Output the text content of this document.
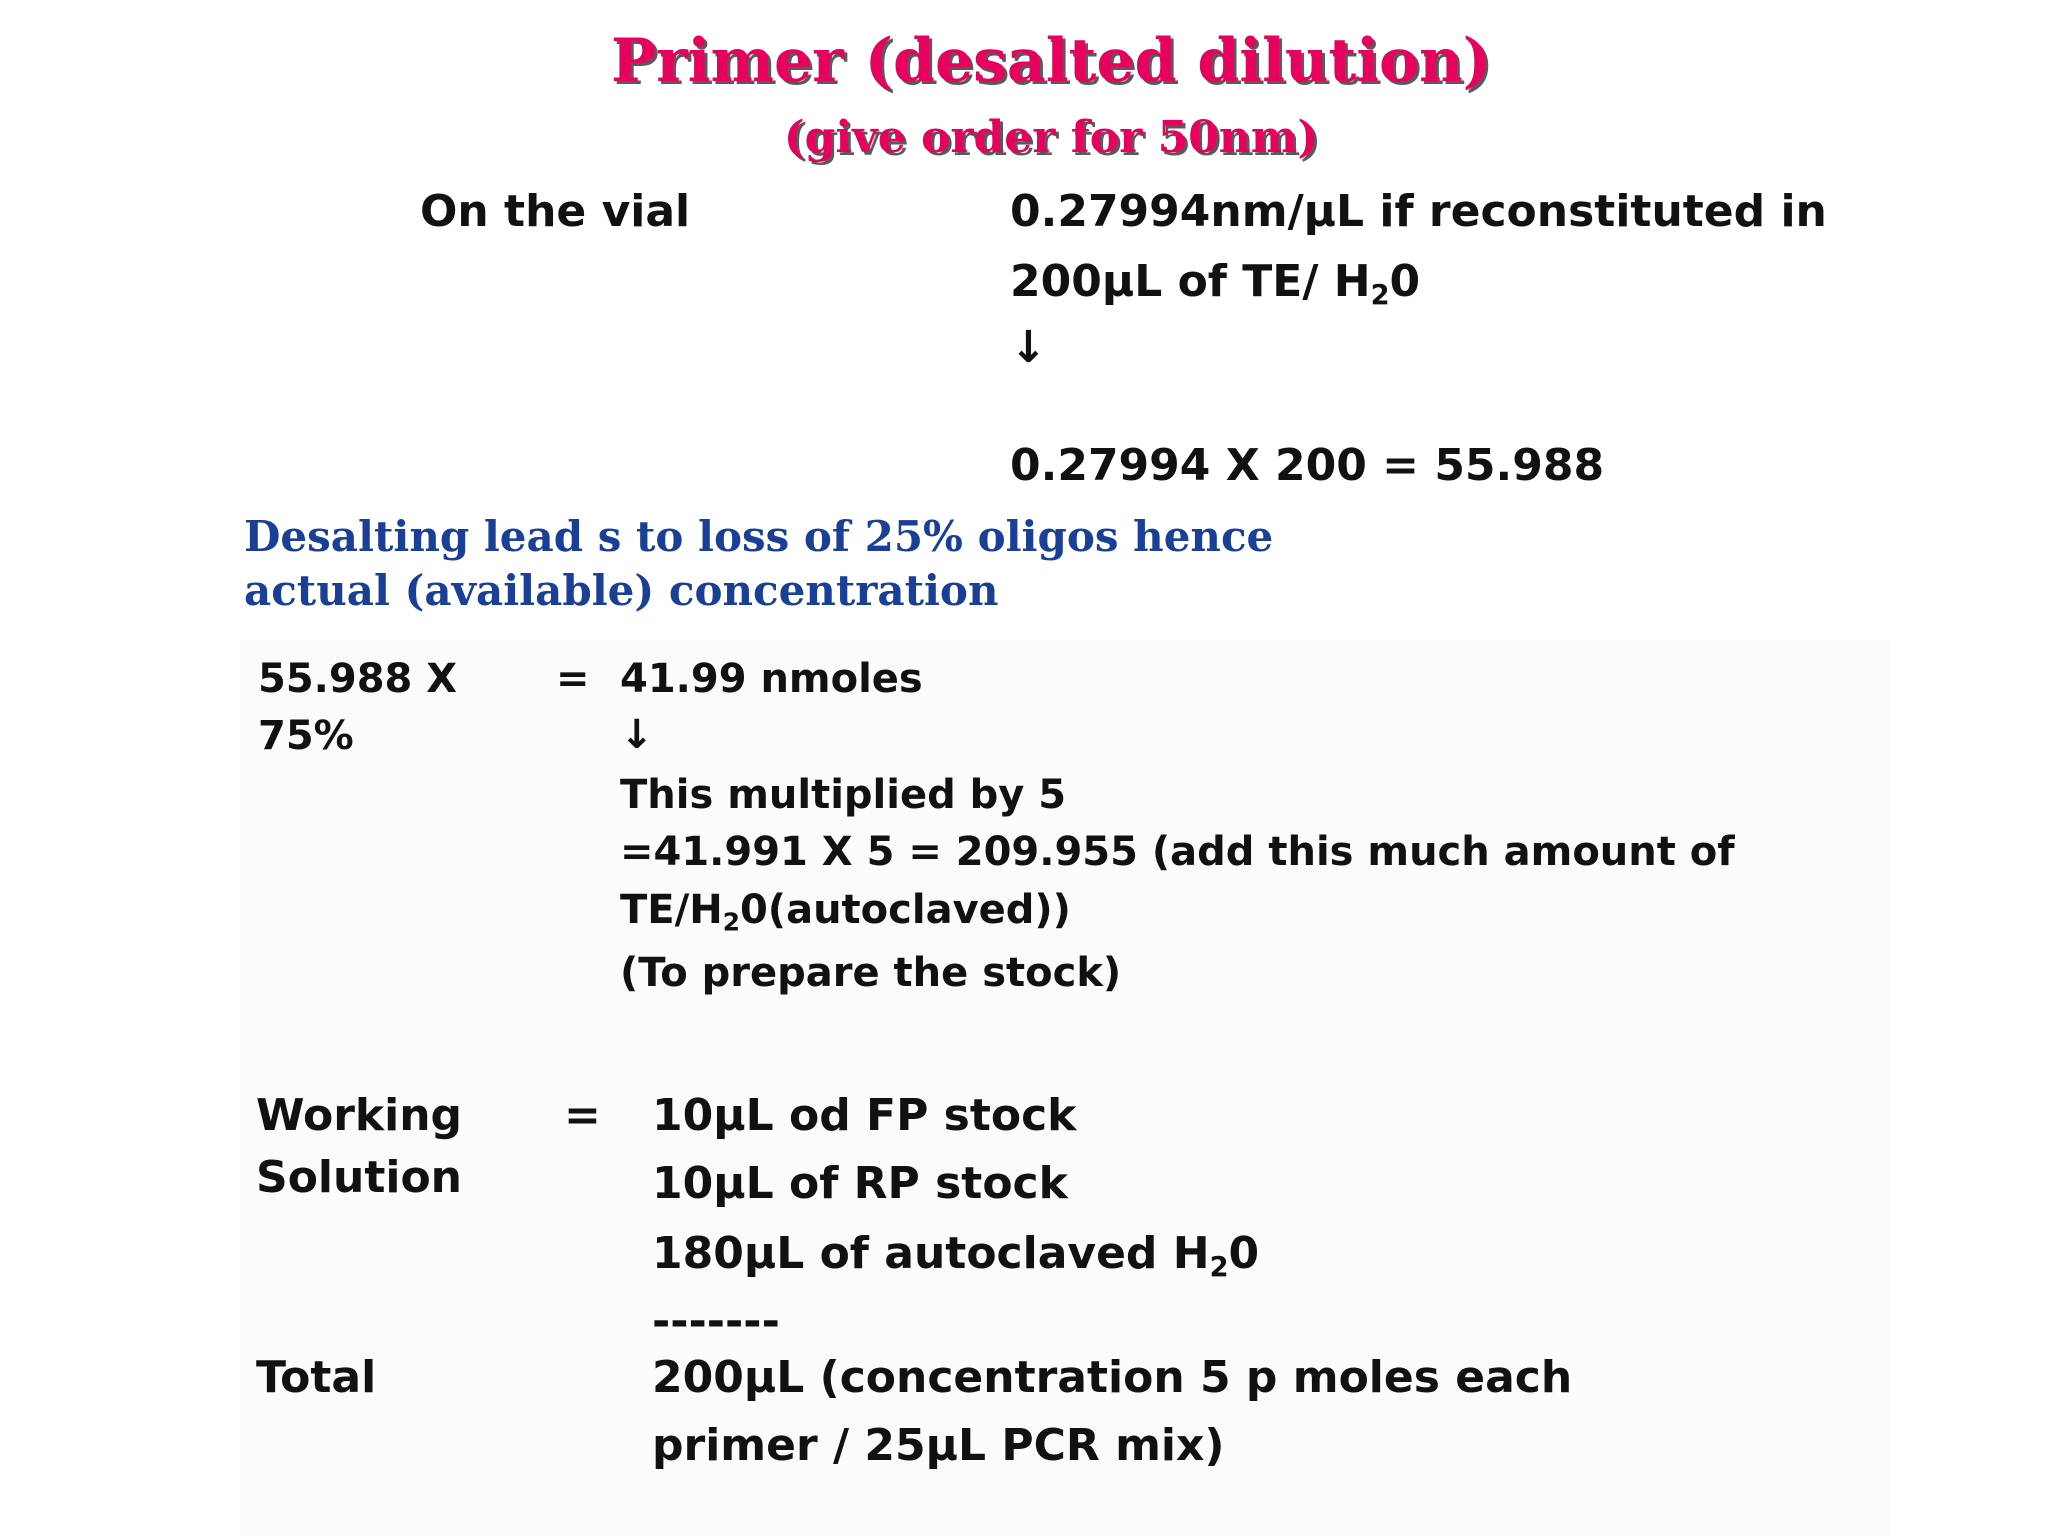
Primer (desalted dilution)
(give order for 50nm)
On the vial	0.27994nm/µL if reconstituted in
200µL of TE/ $H_20$
↓
0.27994 X 200 = 55.988
Desalting lead s to loss of 25% oligos hence
actual (available) concentration
55.988 X
75%
= 41.99 nmoles
↓
This multiplied by 5
=41.991 X 5 = 209.955 (add this much amount of
$TE/H_20(autoclaved)$)
(To prepare the stock)
Working
Solution
= 10µL od FP stock
10µL of RP stock
180µL of autoclaved $H_20$
-------
Total	200µL (concentration 5 p moles each
primer / 25µL PCR mix)
